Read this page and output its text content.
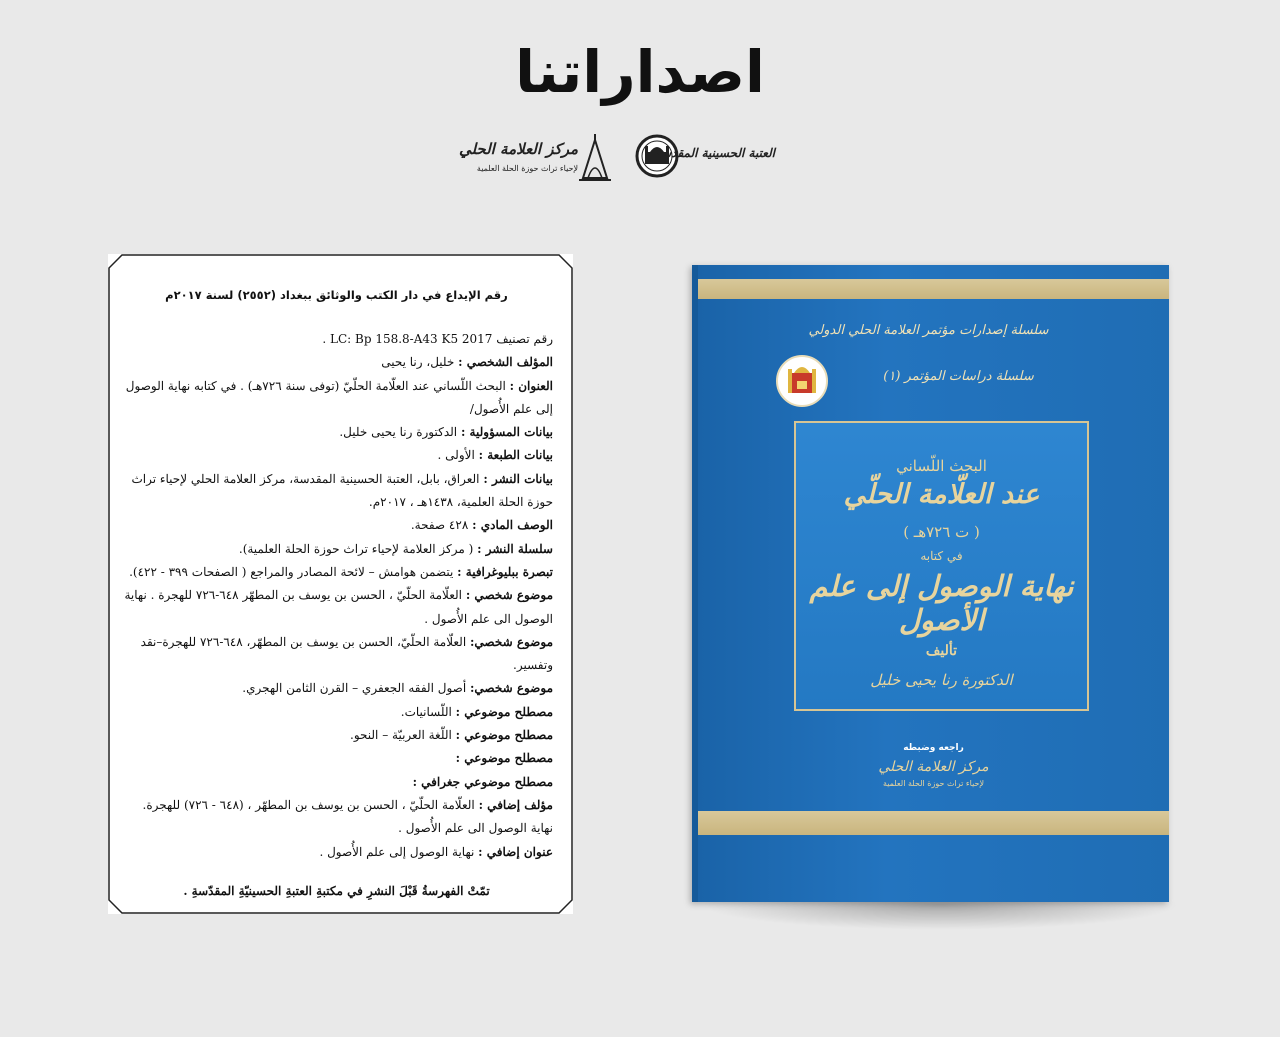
اصداراتنا
مركز العلامة الحلي
لإحياء تراث حوزة الحلة العلمية
العتبة الحسينية المقدسة
رقم الإيداع في دار الكتب والوثائق ببغداد (٢٥٥٢) لسنة ٢٠١٧م
رقم تصنيف LC: Bp 158.8-A43 K5 2017 .
المؤلف الشخصي : خليل، رنا يحيى
العنوان : البحث اللّساني عند العلّامة الحلّيّ (توفى سنة ٧٢٦هـ) . في كتابه نهاية الوصول إلى علم الأُصول/
بيانات المسؤولية : الدكتورة رنا يحيى خليل.
بيانات الطبعة : الأولى .
بيانات النشر : العراق، بابل، العتبة الحسينية المقدسة، مركز العلامة الحلي لإحياء تراث حوزة الحلة العلمية، ١٤٣٨هـ ، ٢٠١٧م.
الوصف المادي : ٤٢٨ صفحة.
سلسلة النشر : ( مركز العلامة لإحياء تراث حوزة الحلة العلمية).
تبصرة ببليوغرافية : يتضمن هوامش – لائحة المصادر والمراجع ( الصفحات ٣٩٩ - ٤٢٢).
موضوع شخصي : العلّامة الحلّيّ ، الحسن بن يوسف بن المطهّر ٦٤٨-٧٢٦ للهجرة . نهاية الوصول الى علم الأُصول .
موضوع شخصي: العلّامة الحلّيّ، الحسن بن يوسف بن المطهّر، ٦٤٨-٧٢٦ للهجرة–نقد وتفسير.
موضوع شخصي: أصول الفقه الجعفري – القرن الثامن الهجري.
مصطلح موضوعي : اللّسانيات.
مصطلح موضوعي : اللّغة العربيّة – النحو.
مصطلح موضوعي :
مصطلح موضوعي جغرافي :
مؤلف إضافي : العلّامة الحلّيّ ، الحسن بن يوسف بن المطهّر ، (٦٤٨ - ٧٢٦) للهجرة. نهاية الوصول الى علم الأُصول .
عنوان إضافي : نهاية الوصول إلى علم الأُصول .
تمّتْ الفهرسةُ قَبْلَ النشرِ في مكتبةِ العتبةِ الحسينيّةِ المقدّسةِ .
سلسلة إصدارات مؤتمر العلامة الحلي الدولي
سلسلة دراسات المؤتمر (١)
البحث اللّساني
عند العلّامة الحلّي
( ت ٧٢٦هـ )
في كتابه
نهاية الوصول إلى علم الأصول
تأليف
الدكتورة رنا يحيى خليل
راجعه وضبطه
مركز العلامة الحلي
لإحياء تراث حوزة الحلة العلمية
